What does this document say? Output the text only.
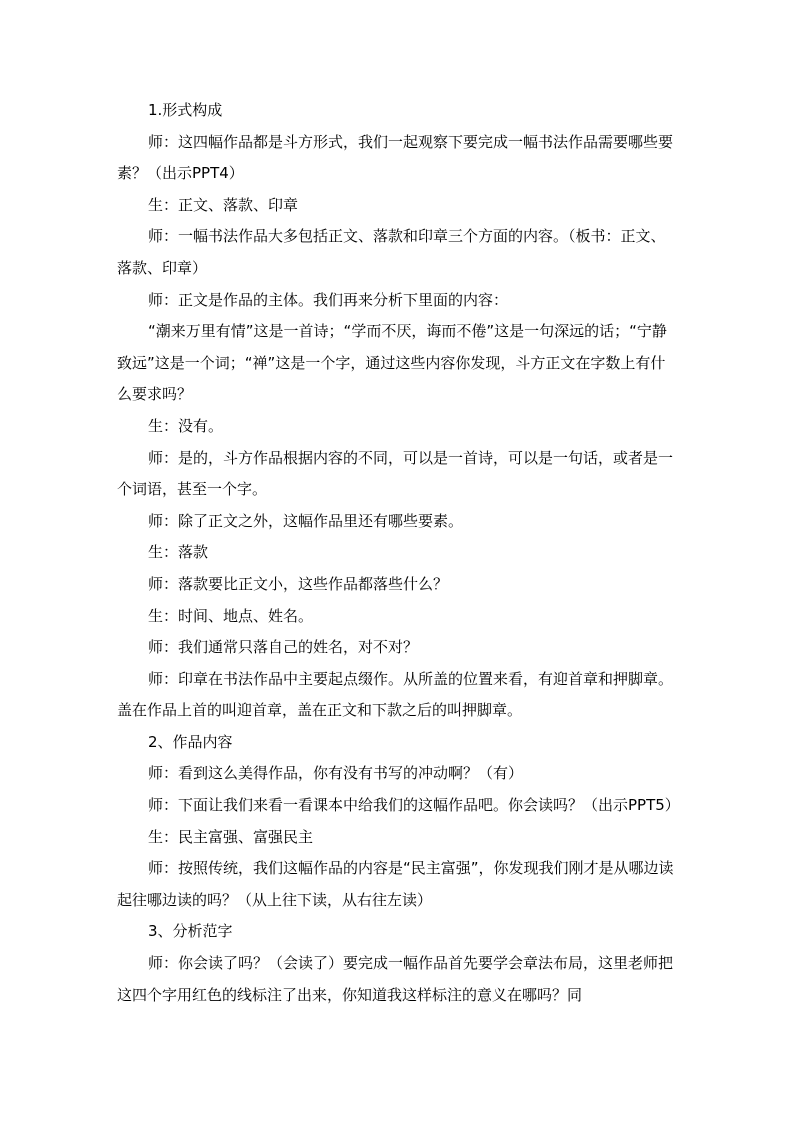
1.形式构成

师：这四幅作品都是斗方形式，我们一起观察下要完成一幅书法作品需要哪些要素？（出示PPT4）

生：正文、落款、印章

师：一幅书法作品大多包括正文、落款和印章三个方面的内容。（板书：正文、落款、印章）

师：正文是作品的主体。我们再来分析下里面的内容：

“潮来万里有情”这是一首诗；“学而不厌，诲而不倦”这是一句深远的话；“宁静致远”这是一个词；“禅”这是一个字，通过这些内容你发现，斗方正文在字数上有什么要求吗？

生：没有。

师：是的，斗方作品根据内容的不同，可以是一首诗，可以是一句话，或者是一个词语，甚至一个字。

师：除了正文之外，这幅作品里还有哪些要素。

生：落款

师：落款要比正文小，这些作品都落些什么？

生：时间、地点、姓名。

师：我们通常只落自己的姓名，对不对？

师：印章在书法作品中主要起点缀作。从所盖的位置来看，有迎首章和押脚章。盖在作品上首的叫迎首章，盖在正文和下款之后的叫押脚章。

2、作品内容

师：看到这么美得作品，你有没有书写的冲动啊？（有）

师：下面让我们来看一看课本中给我们的这幅作品吧。你会读吗？（出示PPT5）

生：民主富强、富强民主

师：按照传统，我们这幅作品的内容是“民主富强”，你发现我们刚才是从哪边读起往哪边读的吗？（从上往下读，从右往左读）

3、分析范字

师：你会读了吗？（会读了）要完成一幅作品首先要学会章法布局，这里老师把这四个字用红色的线标注了出来，你知道我这样标注的意义在哪吗？同
